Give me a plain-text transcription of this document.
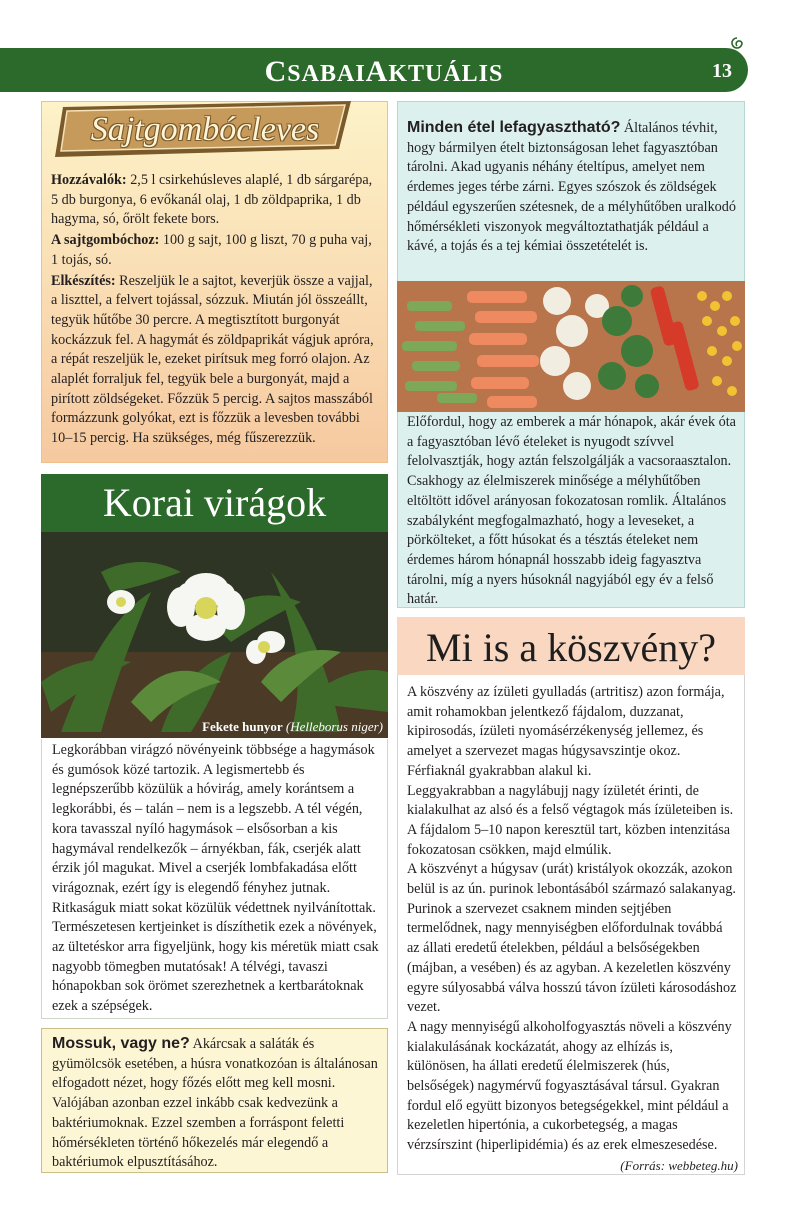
CSABAIAKTUÁLIS	13
Sajtgombócleves

Hozzávalók: 2,5 l csirkehúsleves alaplé, 1 db sárgarépa, 5 db burgonya, 6 evőkanál olaj, 1 db zöldpaprika, 1 db hagyma, só, őrölt fekete bors.

A sajtgombóchoz: 100 g sajt, 100 g liszt, 70 g puha vaj, 1 tojás, só.

Elkészítés: Reszeljük le a sajtot, keverjük össze a vajjal, a liszttel, a felvert tojással, sózzuk. Miután jól összeállt, tegyük hűtőbe 30 percre. A megtisztított burgonyát kockázzuk fel. A hagymát és zöldpaprikát vágjuk apróra, a répát reszeljük le, ezeket pirítsuk meg forró olajon. Az alaplét forraljuk fel, tegyük bele a burgonyát, majd a pirított zöldségeket. Főzzük 5 percig. A sajtos masszából formázzunk golyókat, ezt is főzzük a levesben további 10–15 percig. Ha szükséges, még fűszerezzük.

Korai virágok
Fekete hunyor (Helleborus niger)
Legkorábban virágzó növényeink többsége a hagymások és gumósok közé tartozik. A legismertebb és legnépszerűbb közülük a hóvirág, amely korántsem a legkorábbi, és – talán – nem is a legszebb. A tél végén, kora tavasszal nyíló hagymások – elsősorban a kis hagymával rendelkezők – árnyékban, fák, cserjék alatt érzik jól magukat. Mivel a cserjék lombfakadása előtt virágoznak, ezért így is elegendő fényhez jutnak. Ritkaságuk miatt sokat közülük védettnek nyilvánítottak. Természetesen kertjeinket is díszíthetik ezek a növények, az ültetéskor arra figyeljünk, hogy kis méretük miatt csak nagyobb tömegben mutatósak! A télvégi, tavaszi hónapokban sok örömet szerezhetnek a kertbarátoknak ezek a szépségek.
Mossuk, vagy ne? Akárcsak a saláták és gyümölcsök esetében, a húsra vonatkozóan is általánosan elfogadott nézet, hogy főzés előtt meg kell mosni. Valójában azonban ezzel inkább csak kedvezünk a baktériumoknak. Ezzel szemben a forráspont feletti hőmérsékleten történő hőkezelés már elegendő a baktériumok elpusztításához.
Minden étel lefagyasztható? Általános tévhit, hogy bármilyen ételt biztonságosan lehet fagyasztóban tárolni. Akad ugyanis néhány ételtípus, amelyet nem érdemes jeges térbe zárni. Egyes szószok és zöldségek például egyszerűen szétesnek, de a mélyhűtőben uralkodó hőmérsékleti viszonyok megváltoztathatják például a kávé, a tojás és a tej kémiai összetételét is.
Előfordul, hogy az emberek a már hónapok, akár évek óta a fagyasztóban lévő ételeket is nyugodt szívvel felolvasztják, hogy aztán felszolgálják a vacsoraasztalon. Csakhogy az élelmiszerek minősége a mélyhűtőben eltöltött idővel arányosan fokozatosan romlik. Általános szabályként megfogalmazható, hogy a leveseket, a pörkölteket, a főtt húsokat és a tésztás ételeket nem érdemes három hónapnál hosszabb ideig fagyasztva tárolni, míg a nyers húsoknál nagyjából egy év a felső határ.
Mi is a köszvény?

A köszvény az ízületi gyulladás (artritisz) azon formája, amit rohamokban jelentkező fájdalom, duzzanat, kipirosodás, ízületi nyomásérzékenység jellemez, és amelyet a szervezet magas húgysavszintje okoz. Férfiaknál gyakrabban alakul ki.

Leggyakrabban a nagylábujj nagy ízületét érinti, de kialakulhat az alsó és a felső végtagok más ízületeiben is. A fájdalom 5–10 napon keresztül tart, közben intenzitása fokozatosan csökken, majd elmúlik.

A köszvényt a húgysav (urát) kristályok okozzák, azokon belül is az ún. purinok lebontásából származó salakanyag. Purinok a szervezet csaknem minden sejtjében termelődnek, nagy mennyiségben előfordulnak továbbá az állati eredetű ételekben, például a belsőségekben (májban, a vesében) és az agyban. A kezeletlen köszvény egyre súlyosabbá válva hosszú távon ízületi károsodáshoz vezet.

A nagy mennyiségű alkoholfogyasztás növeli a köszvény kialakulásának kockázatát, ahogy az elhízás is, különösen, ha állati eredetű élelmiszerek (hús, belsőségek) nagymérvű fogyasztásával társul. Gyakran fordul elő együtt bizonyos betegségekkel, mint például a kezeletlen hipertónia, a cukorbetegség, a magas vérzsírszint (hiperlipidémia) és az erek elmeszesedése.
(Forrás: webbeteg.hu)
